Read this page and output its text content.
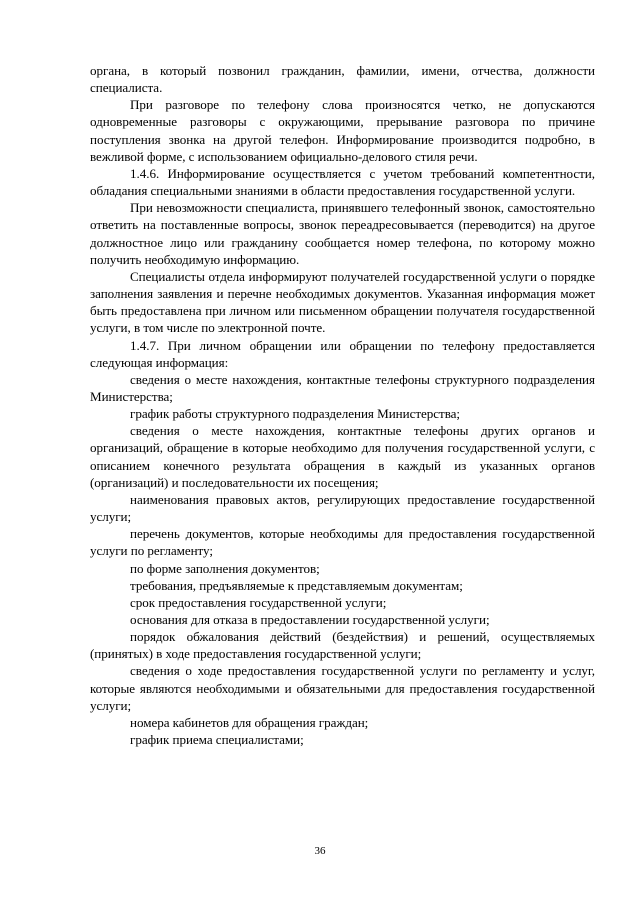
органа, в который позвонил гражданин, фамилии, имени, отчества, должности специалиста.

При разговоре по телефону слова произносятся четко, не допускаются одновременные разговоры с окружающими, прерывание разговора по причине поступления звонка на другой телефон. Информирование производится подробно, в вежливой форме, с использованием официально-делового стиля речи.

1.4.6. Информирование осуществляется с учетом требований компетентности, обладания специальными знаниями в области предоставления государственной услуги.

При невозможности специалиста, принявшего телефонный звонок, самостоятельно ответить на поставленные вопросы, звонок переадресовывается (переводится) на другое должностное лицо или гражданину сообщается номер телефона, по которому можно получить необходимую информацию.

Специалисты отдела информируют получателей государственной услуги о порядке заполнения заявления и перечне необходимых документов. Указанная информация может быть предоставлена при личном или письменном обращении получателя государственной услуги, в том числе по электронной почте.

1.4.7. При личном обращении или обращении по телефону предоставляется следующая информация:

сведения о месте нахождения, контактные телефоны структурного подразделения Министерства;

график работы структурного подразделения Министерства;

сведения о месте нахождения, контактные телефоны других органов и организаций, обращение в которые необходимо для получения государственной услуги, с описанием конечного результата обращения в каждый из указанных органов (организаций) и последовательности их посещения;

наименования правовых актов, регулирующих предоставление государственной услуги;

перечень документов, которые необходимы для предоставления государственной услуги по регламенту;

по форме заполнения документов;

требования, предъявляемые к представляемым документам;

срок предоставления государственной услуги;

основания для отказа в предоставлении государственной услуги;

порядок обжалования действий (бездействия) и решений, осуществляемых (принятых) в ходе предоставления государственной услуги;

сведения о ходе предоставления государственной услуги по регламенту и услуг, которые являются необходимыми и обязательными для предоставления государственной услуги;

номера кабинетов для обращения граждан;

график приема специалистами;

36
